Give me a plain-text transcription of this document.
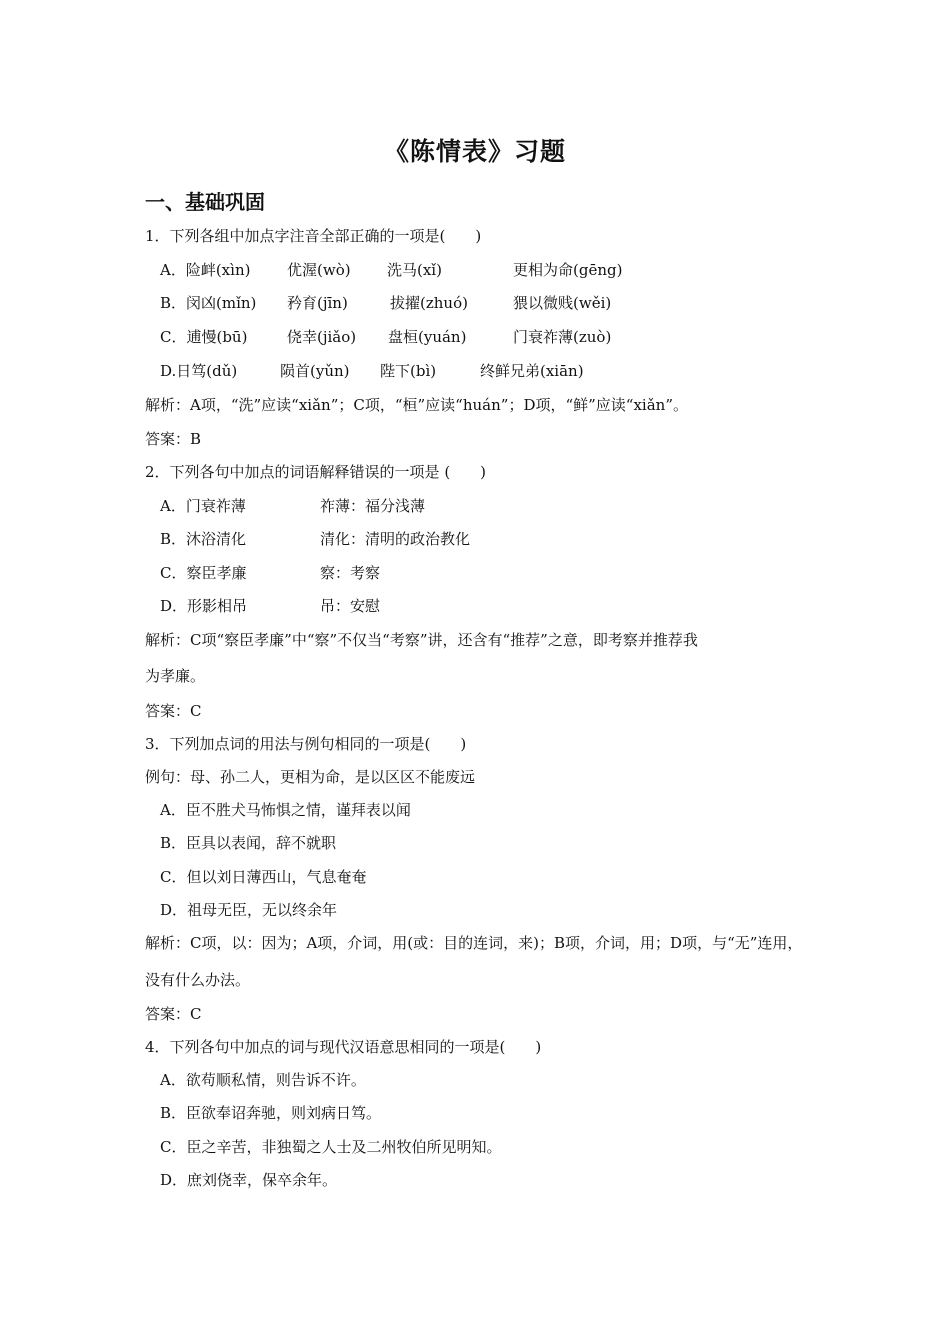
《陈情表》习题
一、基础巩固
1．下列各组中加点字注音全部正确的一项是(　　)
A．险衅(xìn) 优渥(wò) 洗马(xǐ)	更相为命(gēng)
B．闵凶(mǐn) 矜育(jīn)	拔擢(zhuó)	猥以微贱(wěi)
C．逋慢(bū)	侥幸(jiǎo) 盘桓(yuán)	门衰祚薄(zuò)
D.日笃(dǔ)	陨首(yǔn) 陛下(bì)	终鲜兄弟(xiān)
解析：A项，“洗”应读“xiǎn”；C项，“桓”应读“huán”；D项，“鲜”应读“xiǎn”。
答案：B
2．下列各句中加点的词语解释错误的一项是 (　　)
A．门衰祚薄	祚薄：福分浅薄
B．沐浴清化	清化：清明的政治教化
C．察臣孝廉	察：考察
D．形影相吊	吊：安慰
解析：C项“察臣孝廉”中“察”不仅当“考察”讲，还含有“推荐”之意，即考察并推荐我
为孝廉。
答案：C
3．下列加点词的用法与例句相同的一项是(　　)
例句：母、孙二人，更相为命，是以区区不能废远
A．臣不胜犬马怖惧之情，谨拜表以闻
B．臣具以表闻，辞不就职
C．但以刘日薄西山，气息奄奄
D．祖母无臣，无以终余年
解析：C项，以：因为；A项，介词，用(或：目的连词，来)；B项，介词，用；D项，与“无”连用，
没有什么办法。
答案：C
4．下列各句中加点的词与现代汉语意思相同的一项是(　　)
A．欲苟顺私情，则告诉不许。
B．臣欲奉诏奔驰，则刘病日笃。
C．臣之辛苦，非独蜀之人士及二州牧伯所见明知。
D．庶刘侥幸，保卒余年。
